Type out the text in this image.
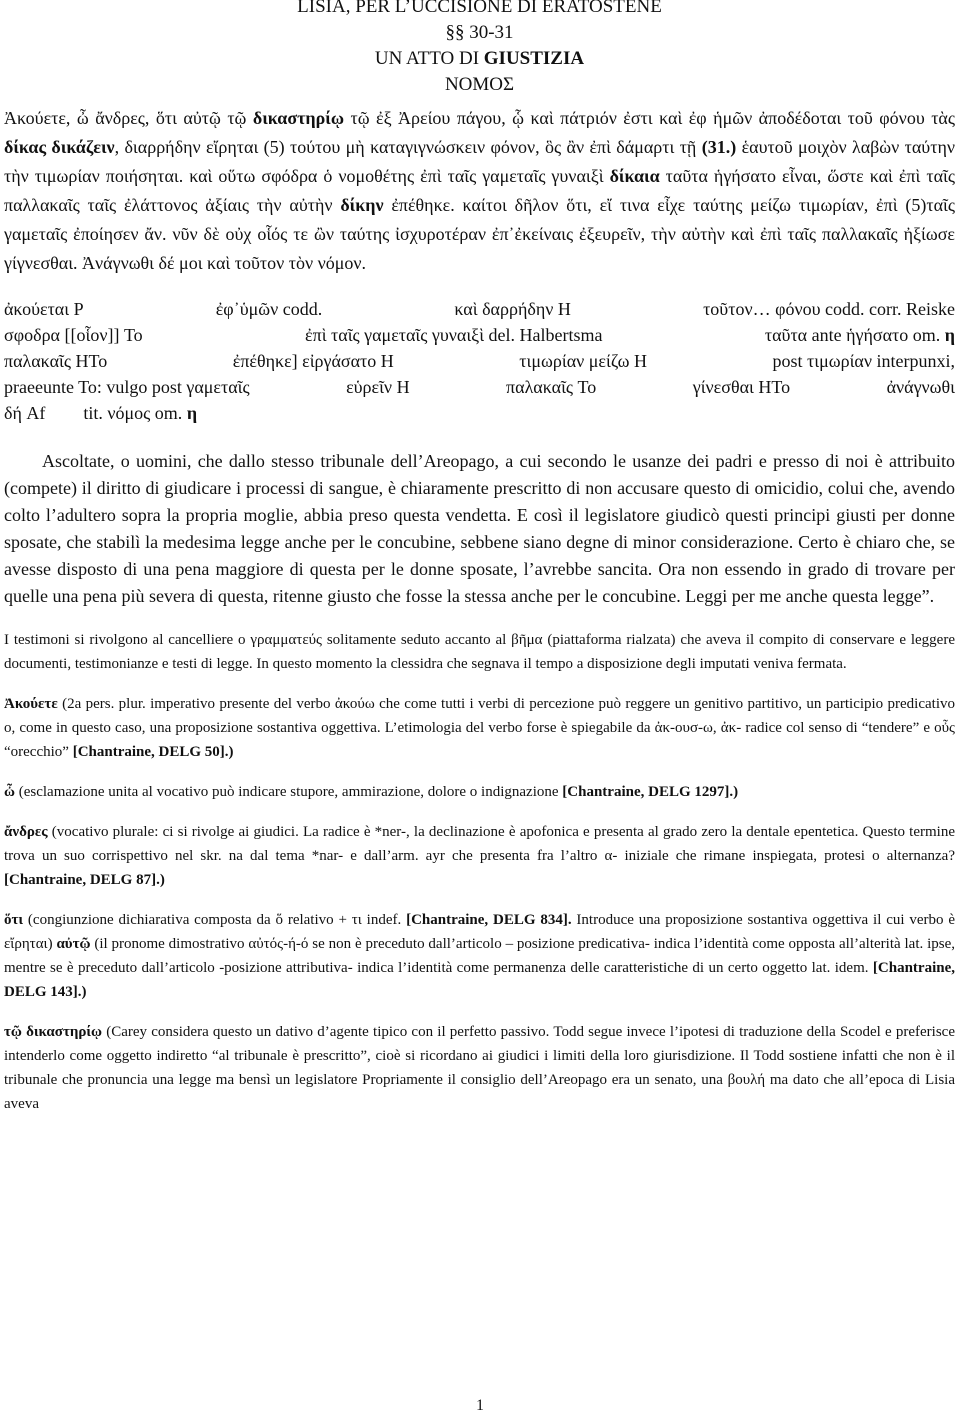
LISIA, PER L’UCCISIONE DI ERATOSTENE
§§ 30-31
UN ATTO DI GIUSTIZIA
ΝΟΜΟΣ

Ἀκούετε, ὦ ἄνδρες, ὅτι αὐτῷ τῷ δικαστηρίῳ τῷ ἐξ Ἀρείου πάγου, ᾧ καὶ πάτριόν ἐστι καὶ ἐφ ἡμῶν ἀποδέδοται τοῦ φόνου τὰς δίκας δικάζειν, διαρρήδην εἴρηται (5) τούτου μὴ καταγιγνώσκειν φόνον, ὃς ἂν ἐπὶ δάμαρτι τῇ (31.) ἑαυτοῦ μοιχὸν λαβὼν ταύτην τὴν τιμωρίαν ποιήσηται. καὶ οὕτω σφόδρα ὁ νομοθέτης ἐπὶ ταῖς γαμεταῖς γυναιξὶ δίκαια ταῦτα ἡγήσατο εἶναι, ὥστε καὶ ἐπὶ ταῖς παλλακαῖς ταῖς ἐλάττονος ἀξίαις τὴν αὐτὴν δίκην ἐπέθηκε. καίτοι δῆλον ὅτι, εἴ τινα εἶχε ταύτης μείζω τιμωρίαν, ἐπὶ (5)ταῖς γαμεταῖς ἐποίησεν ἄν. νῦν δὲ οὐχ οἷός τε ὢν ταύτης ἰσχυροτέραν ἐπ᾽ἐκείναις ἐξευρεῖν, τὴν αὐτὴν καὶ ἐπὶ ταῖς παλλακαῖς ἠξίωσε γίγνεσθαι. Ἀνάγνωθι δέ μοι καὶ τοῦτον τὸν νόμον.

ἀκούεται P	ἐφ᾽ὑμῶν codd.	καὶ δαρρήδην H	τοῦτον… φόνου codd. corr. Reiske
σφοδρα [[οἷον]] To	ἐπὶ ταῖς γαμεταῖς γυναιξὶ del. Halbertsma	ταῦτα ante ἡγήσατο om. η
παλακαῖς HTo	ἐπέθηκε] εἰργάσατο H	τιμωρίαν μείζω H	post τιμωρίαν interpunxi,
praeeunte To: vulgo post γαμεταῖς	εὑρεῖν H	παλακαῖς To	γίνεσθαι HTo	ἀνάγνωθι
δή Af tit. νόμος om. η

Ascoltate, o uomini, che dallo stesso tribunale dell’Areopago, a cui secondo le usanze dei padri e presso di noi è attribuito (compete) il diritto di giudicare i processi di sangue, è chiaramente prescritto di non accusare questo di omicidio, colui che, avendo colto l’adultero sopra la propria moglie, abbia preso questa vendetta. E così il legislatore giudicò questi principi giusti per donne sposate, che stabilì la medesima legge anche per le concubine, sebbene siano degne di minor considerazione. Certo è chiaro che, se avesse disposto di una pena maggiore di questa per le donne sposate, l’avrebbe sancita. Ora non essendo in grado di trovare per quelle una pena più severa di questa, ritenne giusto che fosse la stessa anche per le concubine. Leggi per me anche questa legge”.

I testimoni si rivolgono al cancelliere o γραμματεύς solitamente seduto accanto al βῆμα (piattaforma rialzata) che aveva il compito di conservare e leggere documenti, testimonianze e testi di legge. In questo momento la clessidra che segnava il tempo a disposizione degli imputati veniva fermata.

Ἀκούετε (2a pers. plur. imperativo presente del verbo ἀκούω che come tutti i verbi di percezione può reggere un genitivo partitivo, un participio predicativo o, come in questo caso, una proposizione sostantiva oggettiva. L’etimologia del verbo forse è spiegabile da ἀκ-ουσ-ω, ἀκ- radice col senso di “tendere” e οὖς “orecchio” [Chantraine, DELG 50].)

ὦ (esclamazione unita al vocativo può indicare stupore, ammirazione, dolore o indignazione [Chantraine, DELG 1297].)

ἄνδρες (vocativo plurale: ci si rivolge ai giudici. La radice è *ner-, la declinazione è apofonica e presenta al grado zero la dentale epentetica. Questo termine trova un suo corrispettivo nel skr. na dal tema *nar- e dall’arm. ayr che presenta fra l’altro α- iniziale che rimane inspiegata, protesi o alternanza? [Chantraine, DELG 87].)

ὅτι (congiunzione dichiarativa composta da ὅ relativo + τι indef. [Chantraine, DELG 834]. Introduce una proposizione sostantiva oggettiva il cui verbo è εἴρηται) αὐτῷ (il pronome dimostrativo αὐτός-ή-ό se non è preceduto dall’articolo – posizione predicativa- indica l’identità come opposta all’alterità lat. ipse, mentre se è preceduto dall’articolo -posizione attributiva- indica l’identità come permanenza delle caratteristiche di un certo oggetto lat. idem. [Chantraine, DELG 143].)

τῷ δικαστηρίῳ (Carey considera questo un dativo d’agente tipico con il perfetto passivo. Todd segue invece l’ipotesi di traduzione della Scodel e preferisce intenderlo come oggetto indiretto “al tribunale è prescritto”, cioè si ricordano ai giudici i limiti della loro giurisdizione. Il Todd sostiene infatti che non è il tribunale che pronuncia una legge ma bensì un legislatore Propriamente il consiglio dell’Areopago era un senato, una βουλή ma dato che all’epoca di Lisia aveva

1
